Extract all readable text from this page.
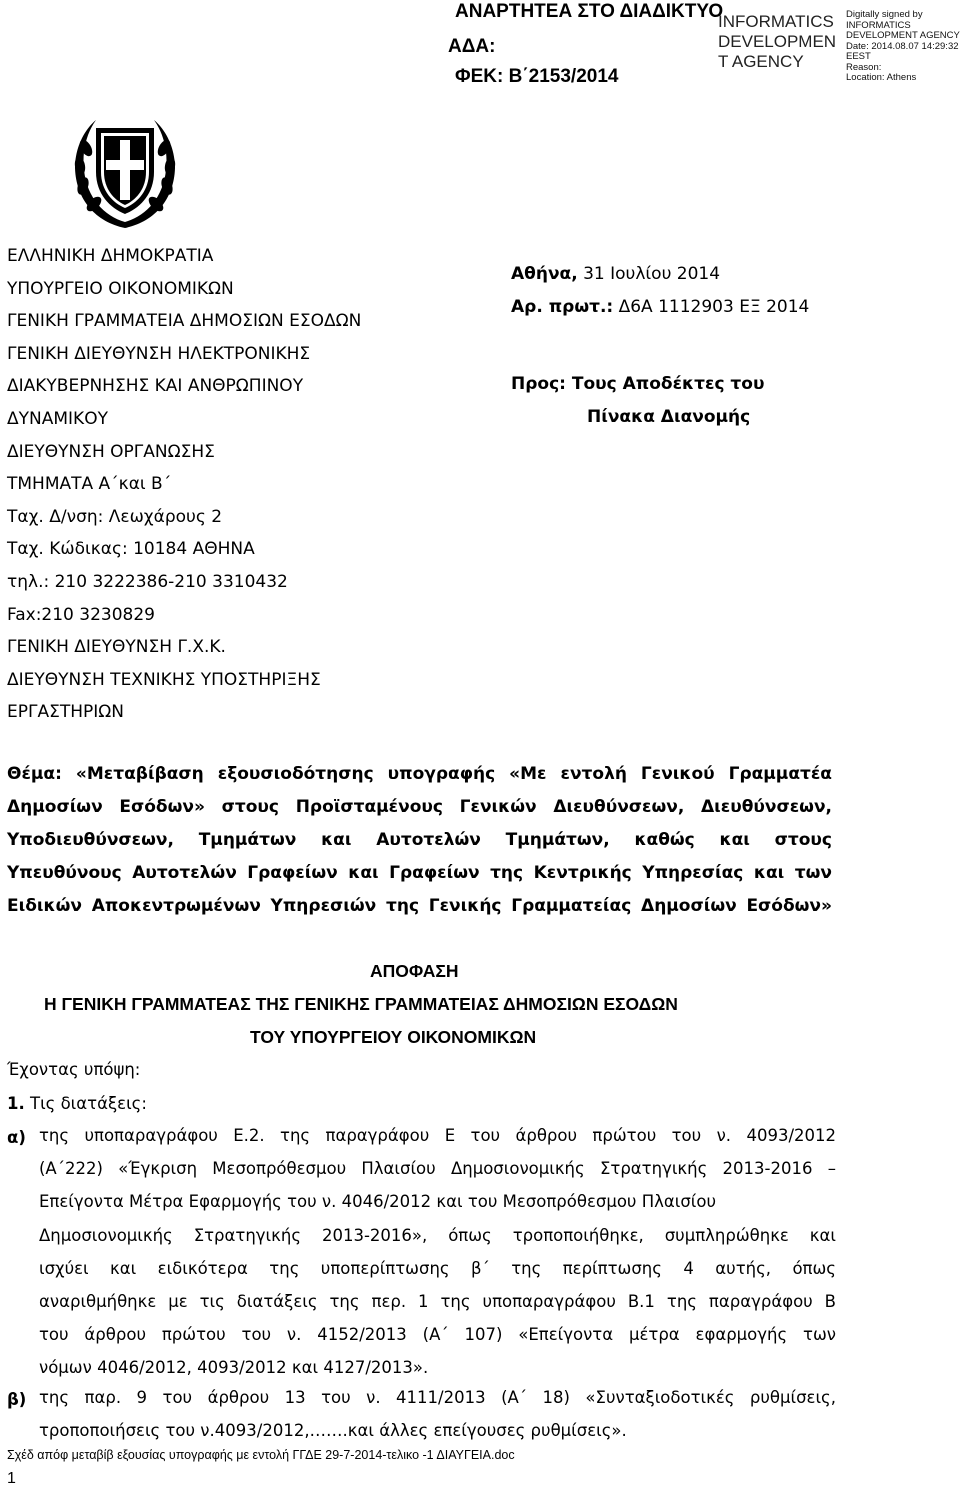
ΑΝΑΡΤΗΤΕΑ ΣΤΟ ΔΙΑΔΙΚΤΥΟ
ΑΔΑ:
ΦΕΚ: Β΄2153/2014
INFORMATICS
DEVELOPMEN
T AGENCY
Digitally signed by
INFORMATICS
DEVELOPMENT AGENCY
Date: 2014.08.07 14:29:32
EEST
Reason:
Location: Athens
ΕΛΛΗΝΙΚΗ ΔΗΜΟΚΡΑΤΙΑ
ΥΠΟΥΡΓΕΙΟ ΟΙΚΟΝΟΜΙΚΩΝ
ΓΕΝΙΚΗ ΓΡΑΜΜΑΤΕΙΑ ΔΗΜΟΣΙΩΝ ΕΣΟΔΩΝ
ΓΕΝΙΚΗ ΔΙΕΥΘΥΝΣΗ ΗΛΕΚΤΡΟΝΙΚΗΣ
ΔΙΑΚΥΒΕΡΝΗΣΗΣ ΚΑΙ ΑΝΘΡΩΠΙΝΟΥ
ΔΥΝΑΜΙΚΟΥ
ΔΙΕΥΘΥΝΣΗ ΟΡΓΑΝΩΣΗΣ
ΤΜΗΜΑΤΑ Α΄και Β΄
Ταχ. Δ/νση: Λεωχάρους 2
Ταχ. Κώδικας: 10184 ΑΘΗΝΑ
τηλ.: 210 3222386-210 3310432
Fax:210 3230829
ΓΕΝΙΚΗ ΔΙΕΥΘΥΝΣΗ Γ.Χ.Κ.
ΔΙΕΥΘΥΝΣΗ ΤΕΧΝΙΚΗΣ ΥΠΟΣΤΗΡΙΞΗΣ
ΕΡΓΑΣΤΗΡΙΩΝ
Αθήνα, 31 Ιουλίου 2014
Αρ. πρωτ.: Δ6Α 1112903 ΕΞ 2014
Προς: Τους Αποδέκτες του
Πίνακα Διανομής
Θέμα: «Μεταβίβαση εξουσιοδότησης υπογραφής «Με εντολή Γενικού Γραμματέα
Δημοσίων Εσόδων» στους Προϊσταμένους Γενικών Διευθύνσεων, Διευθύνσεων,
Υποδιευθύνσεων, Τμημάτων και Αυτοτελών Τμημάτων, καθώς και στους
Υπευθύνους Αυτοτελών Γραφείων και Γραφείων της Κεντρικής Υπηρεσίας και των
Ειδικών Αποκεντρωμένων Υπηρεσιών της Γενικής Γραμματείας Δημοσίων Εσόδων»
ΑΠΟΦΑΣΗ
Η ΓΕΝΙΚΗ ΓΡΑΜΜΑΤΕΑΣ ΤΗΣ ΓΕΝΙΚΗΣ ΓΡΑΜΜΑΤΕΙΑΣ ΔΗΜΟΣΙΩΝ ΕΣΟΔΩΝ
ΤΟΥ ΥΠΟΥΡΓΕΙΟΥ ΟΙΚΟΝΟΜΙΚΩΝ
Έχοντας υπόψη:
1. Τις διατάξεις:
α) της υποπαραγράφου Ε.2. της παραγράφου Ε του άρθρου πρώτου του ν. 4093/2012
(Α΄222) «Έγκριση Μεσοπρόθεσμου Πλαισίου Δημοσιονομικής Στρατηγικής 2013-2016 –
Επείγοντα Μέτρα Εφαρμογής του ν. 4046/2012 και του Μεσοπρόθεσμου Πλαισίου
Δημοσιονομικής Στρατηγικής 2013-2016», όπως τροποποιήθηκε, συμπληρώθηκε και
ισχύει και ειδικότερα της υποπερίπτωσης β΄ της περίπτωσης 4 αυτής, όπως
αναριθμήθηκε με τις διατάξεις της περ. 1 της υποπαραγράφου Β.1 της παραγράφου Β
του άρθρου πρώτου του ν. 4152/2013 (Α΄ 107) «Επείγοντα μέτρα εφαρμογής των
νόμων 4046/2012, 4093/2012 και 4127/2013».
β) της παρ. 9 του άρθρου 13 του ν. 4111/2013 (Α΄ 18) «Συνταξιοδοτικές ρυθμίσεις,
τροποποιήσεις του ν.4093/2012,…….και άλλες επείγουσες ρυθμίσεις».
Σχέδ απόφ μεταβίβ εξουσίας υπογραφής με εντολή ΓΓΔΕ 29-7-2014-τελικο -1 ΔΙΑΥΓΕΙΑ.doc
1
